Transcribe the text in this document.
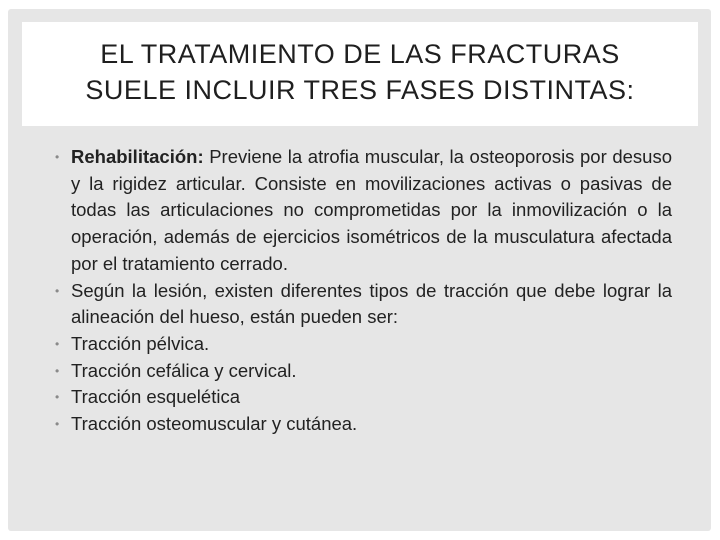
EL TRATAMIENTO DE LAS FRACTURAS
SUELE INCLUIR TRES FASES DISTINTAS:
• Rehabilitación: Previene la atrofia muscular, la osteoporosis por desuso y la rigidez articular. Consiste en movilizaciones activas o pasivas de todas las articulaciones no comprometidas por la inmovilización o la operación, además de ejercicios isométricos de la musculatura afectada por el tratamiento cerrado.
• Según la lesión, existen diferentes tipos de tracción que debe lograr la alineación del hueso, están pueden ser:
• Tracción pélvica.
• Tracción cefálica y cervical.
• Tracción esquelética
• Tracción osteomuscular y cutánea.
